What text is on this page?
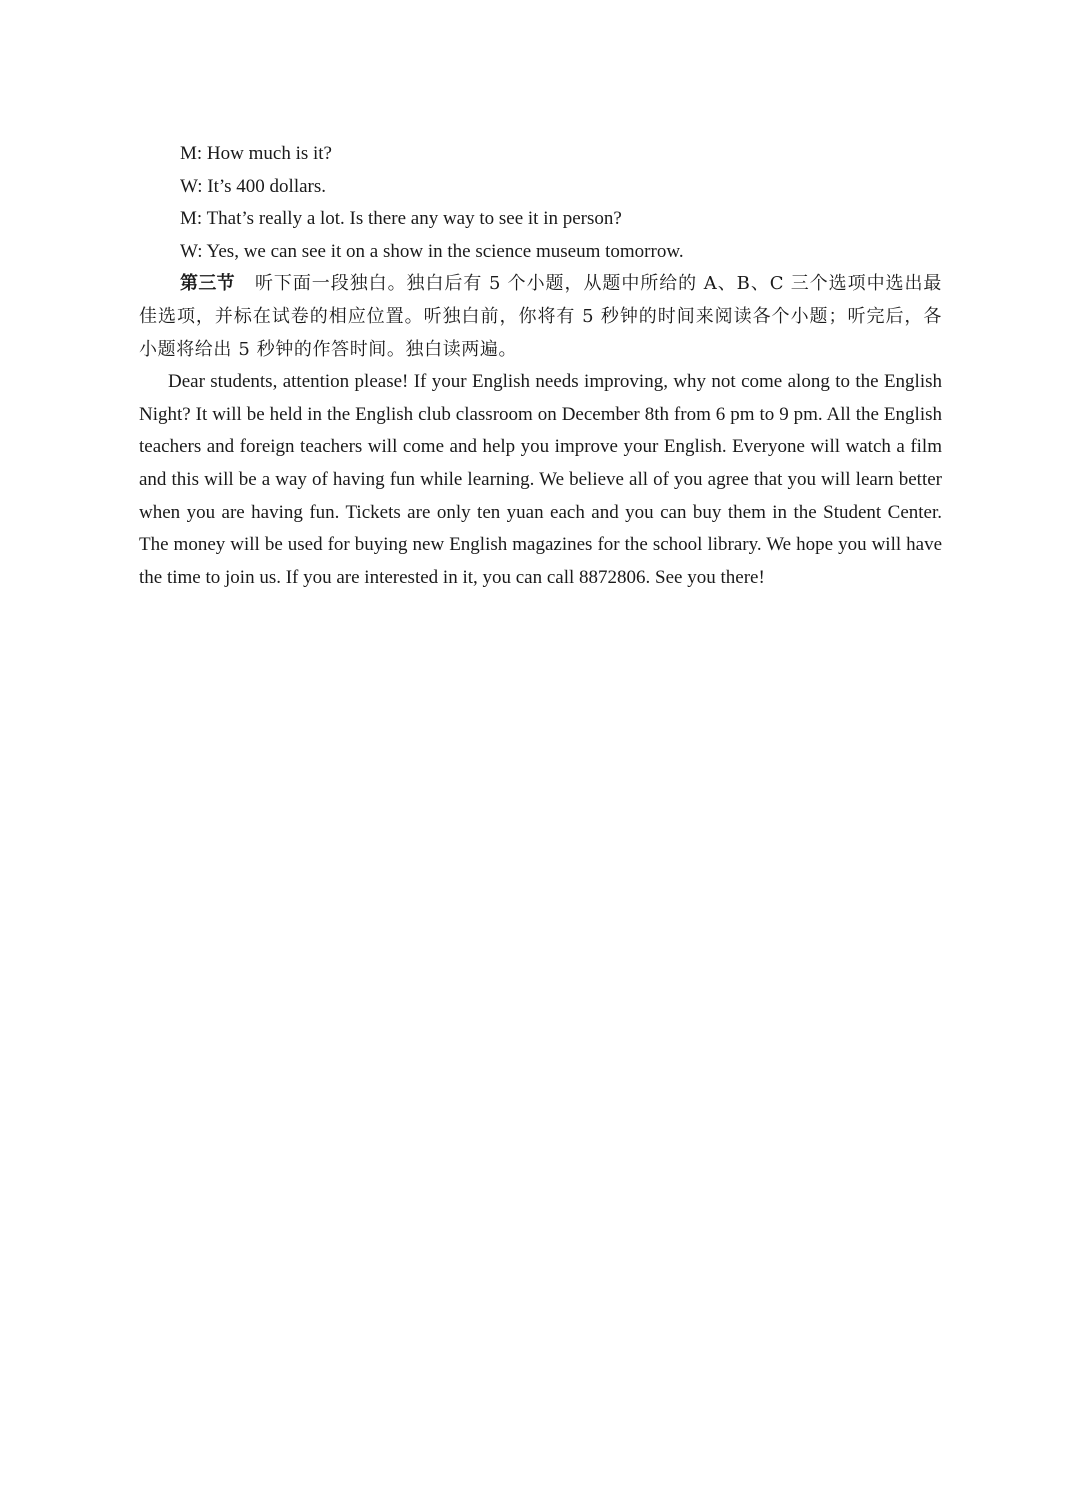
M: How much is it?

W: It’s 400 dollars.

M: That’s really a lot. Is there any way to see it in person?

W: Yes, we can see it on a show in the science museum tomorrow.

第三节  听下面一段独白。独白后有 5 个小题，从题中所给的 A、B、C 三个选项中选出最佳选项，并标在试卷的相应位置。听独白前，你将有 5 秒钟的时间来阅读各个小题；听完后，各小题将给出 5 秒钟的作答时间。独白读两遍。

Dear students, attention please! If your English needs improving, why not come along to the English Night? It will be held in the English club classroom on December 8th from 6 pm to 9 pm. All the English teachers and foreign teachers will come and help you improve your English. Everyone will watch a film and this will be a way of having fun while learning. We believe all of you agree that you will learn better when you are having fun. Tickets are only ten yuan each and you can buy them in the Student Center. The money will be used for buying new English magazines for the school library. We hope you will have the time to join us. If you are interested in it, you can call 8872806. See you there!
